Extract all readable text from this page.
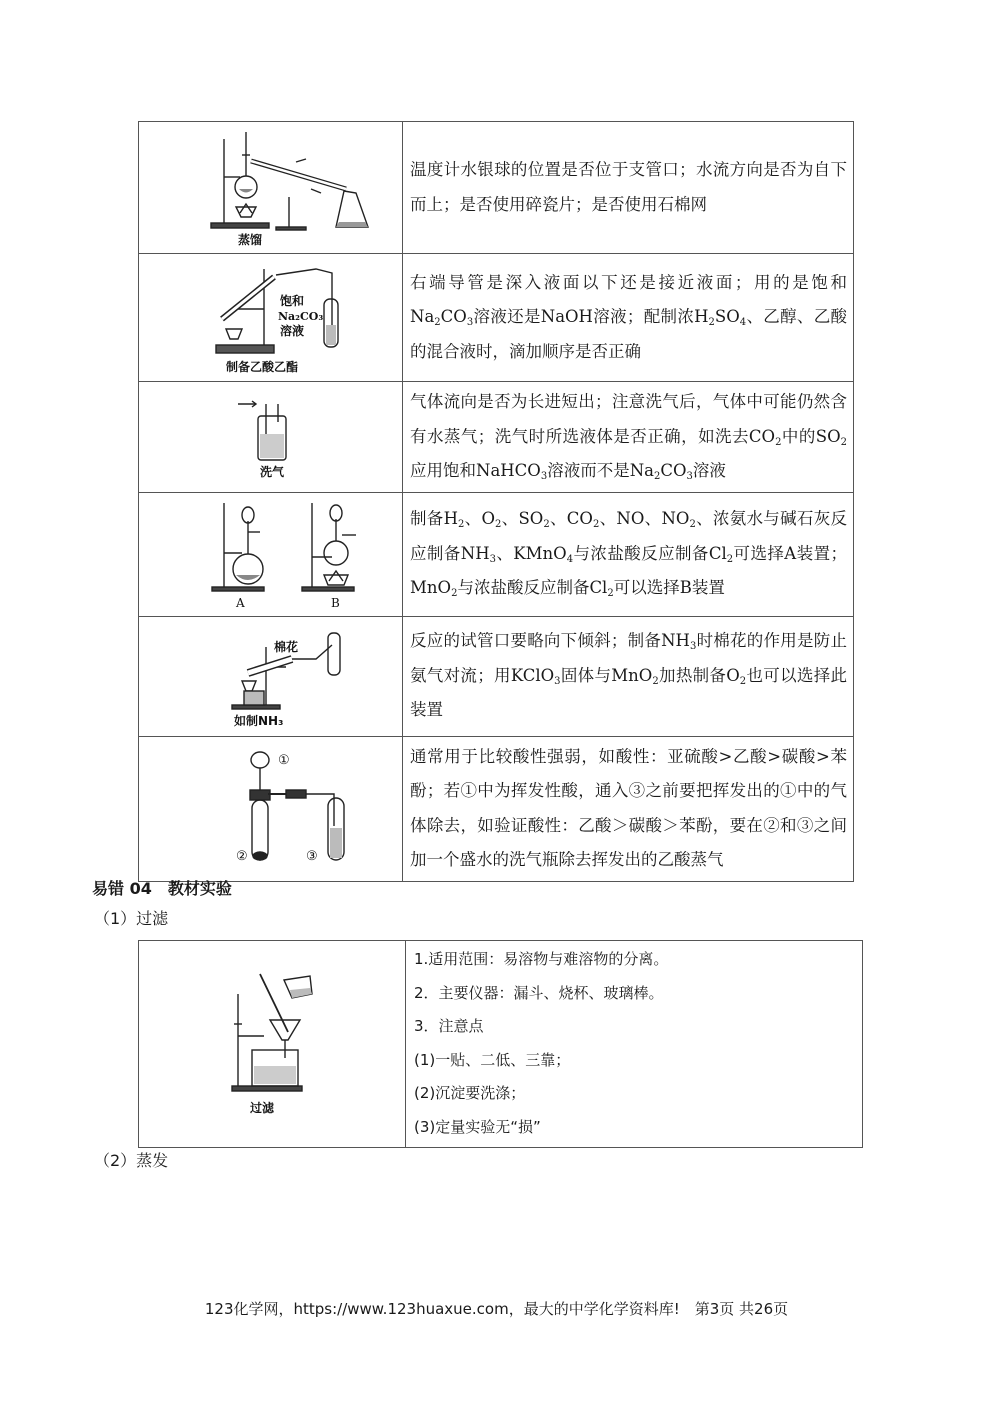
蒸馏	温度计水银球的位置是否位于支管口；水流方向是否为自下而上；是否使用碎瓷片；是否使用石棉网

饱和
Na₂CO₃
溶液
制备乙酸乙酯	右端导管是深入液面以下还是接近液面；用的是饱和$Na_2CO_3$溶液还是NaOH溶液；配制浓$H_2SO_4$、乙醇、乙酸的混合液时，滴加顺序是否正确

洗气	气体流向是否为长进短出；注意洗气后，气体中可能仍然含有水蒸气；洗气时所选液体是否正确，如洗去$CO_2$中的$SO_2$应用饱和NaHCO$_3$溶液而不是$Na_2CO_3$溶液

A B	制备$H_2$、$O_2$、$SO_2$、$CO_2$、NO、$NO_2$、浓氨水与碱石灰反应制备$NH_3$、KMnO$_4$与浓盐酸反应制备$Cl_2$可选择A装置；MnO$_2$与浓盐酸反应制备$Cl_2$可以选择B装置

棉花
如制NH₃	反应的试管口要略向下倾斜；制备$NH_3$时棉花的作用是防止氨气对流；用KClO$_3$固体与MnO$_2$加热制备$O_2$也可以选择此装置

①
② ③	通常用于比较酸性强弱，如酸性：亚硫酸>乙酸>碳酸>苯酚；若①中为挥发性酸，通入③之前要把挥发出的①中的气体除去，如验证酸性：乙酸＞碳酸＞苯酚，要在②和③之间加一个盛水的洗气瓶除去挥发出的乙酸蒸气
易错 04　教材实验
（1）过滤
过滤

1.适用范围：易溶物与难溶物的分离。
2．主要仪器：漏斗、烧杯、玻璃棒。
3．注意点
(1)一贴、二低、三靠；
(2)沉淀要洗涤；
(3)定量实验无“损”
（2）蒸发
123化学网，https://www.123huaxue.com，最大的中学化学资料库!　第3页 共26页
